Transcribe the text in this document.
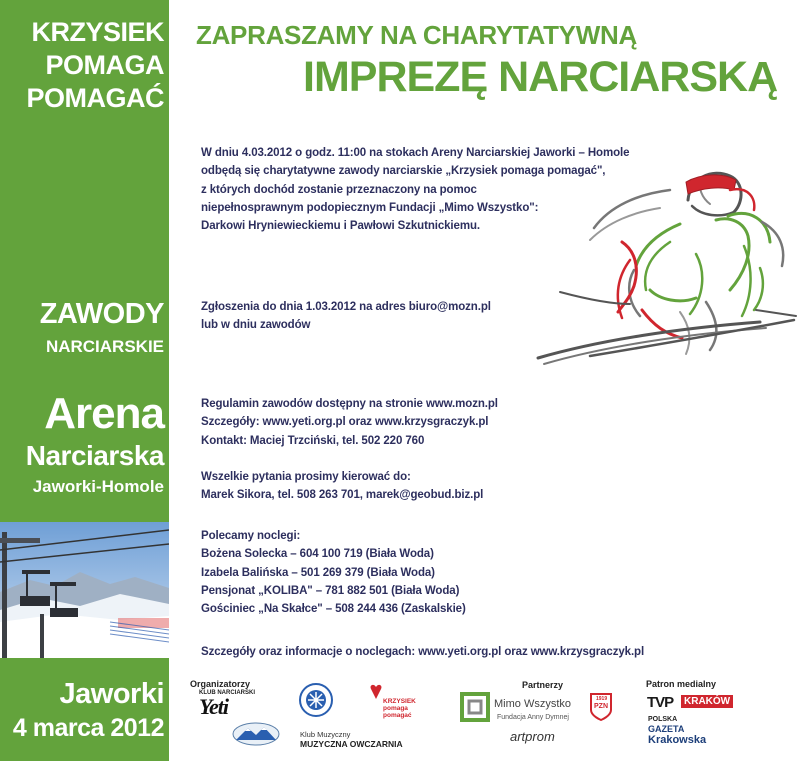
KRZYSIEK
POMAGA
POMAGAĆ
ZAWODY
NARCIARSKIE
Arena
Narciarska
Jaworki-Homole
Jaworki
4 marca 2012
ZAPRASZAMY NA CHARYTATYWNĄ
IMPREZĘ NARCIARSKĄ
W dniu 4.03.2012 o godz. 11:00 na stokach Areny Narciarskiej Jaworki – Homole
odbędą się charytatywne zawody narciarskie „Krzysiek pomaga pomagać",
z których dochód zostanie przeznaczony na pomoc
niepełnosprawnym podopiecznym Fundacji „Mimo Wszystko":
Darkowi Hryniewieckiemu i Pawłowi Szkutnickiemu.
Zgłoszenia do dnia 1.03.2012 na adres biuro@mozn.pl
lub w dniu zawodów
Regulamin zawodów dostępny na stronie www.mozn.pl
Szczegóły: www.yeti.org.pl oraz www.krzysgraczyk.pl
Kontakt: Maciej Trzciński, tel. 502 220 760
Wszelkie pytania prosimy kierować do:
Marek Sikora, tel. 508 263 701, marek@geobud.biz.pl
Polecamy noclegi:
Bożena Solecka – 604 100 719 (Biała Woda)
Izabela Balińska – 501 269 379 (Biała Woda)
Pensjonat „KOLIBA" – 781 882 501 (Biała Woda)
Gościniec „Na Skałce" – 508 244 436 (Zaskalskie)
Szczegóły oraz informacje o noclegach: www.yeti.org.pl oraz www.krzysgraczyk.pl
Organizatorzy	Partnerzy	Patron medialny
KLUB NARCIARSKI
Yeti	KRZYSIEK
pomaga
pomagać
Klub Muzyczny
MUZYCZNA OWCZARNIA
Mimo Wszystko
Fundacja Anny Dymnej
artprom
1919
PZN	TVP	KRAKÓW
POLSKA
GAZETA
Krakowska
